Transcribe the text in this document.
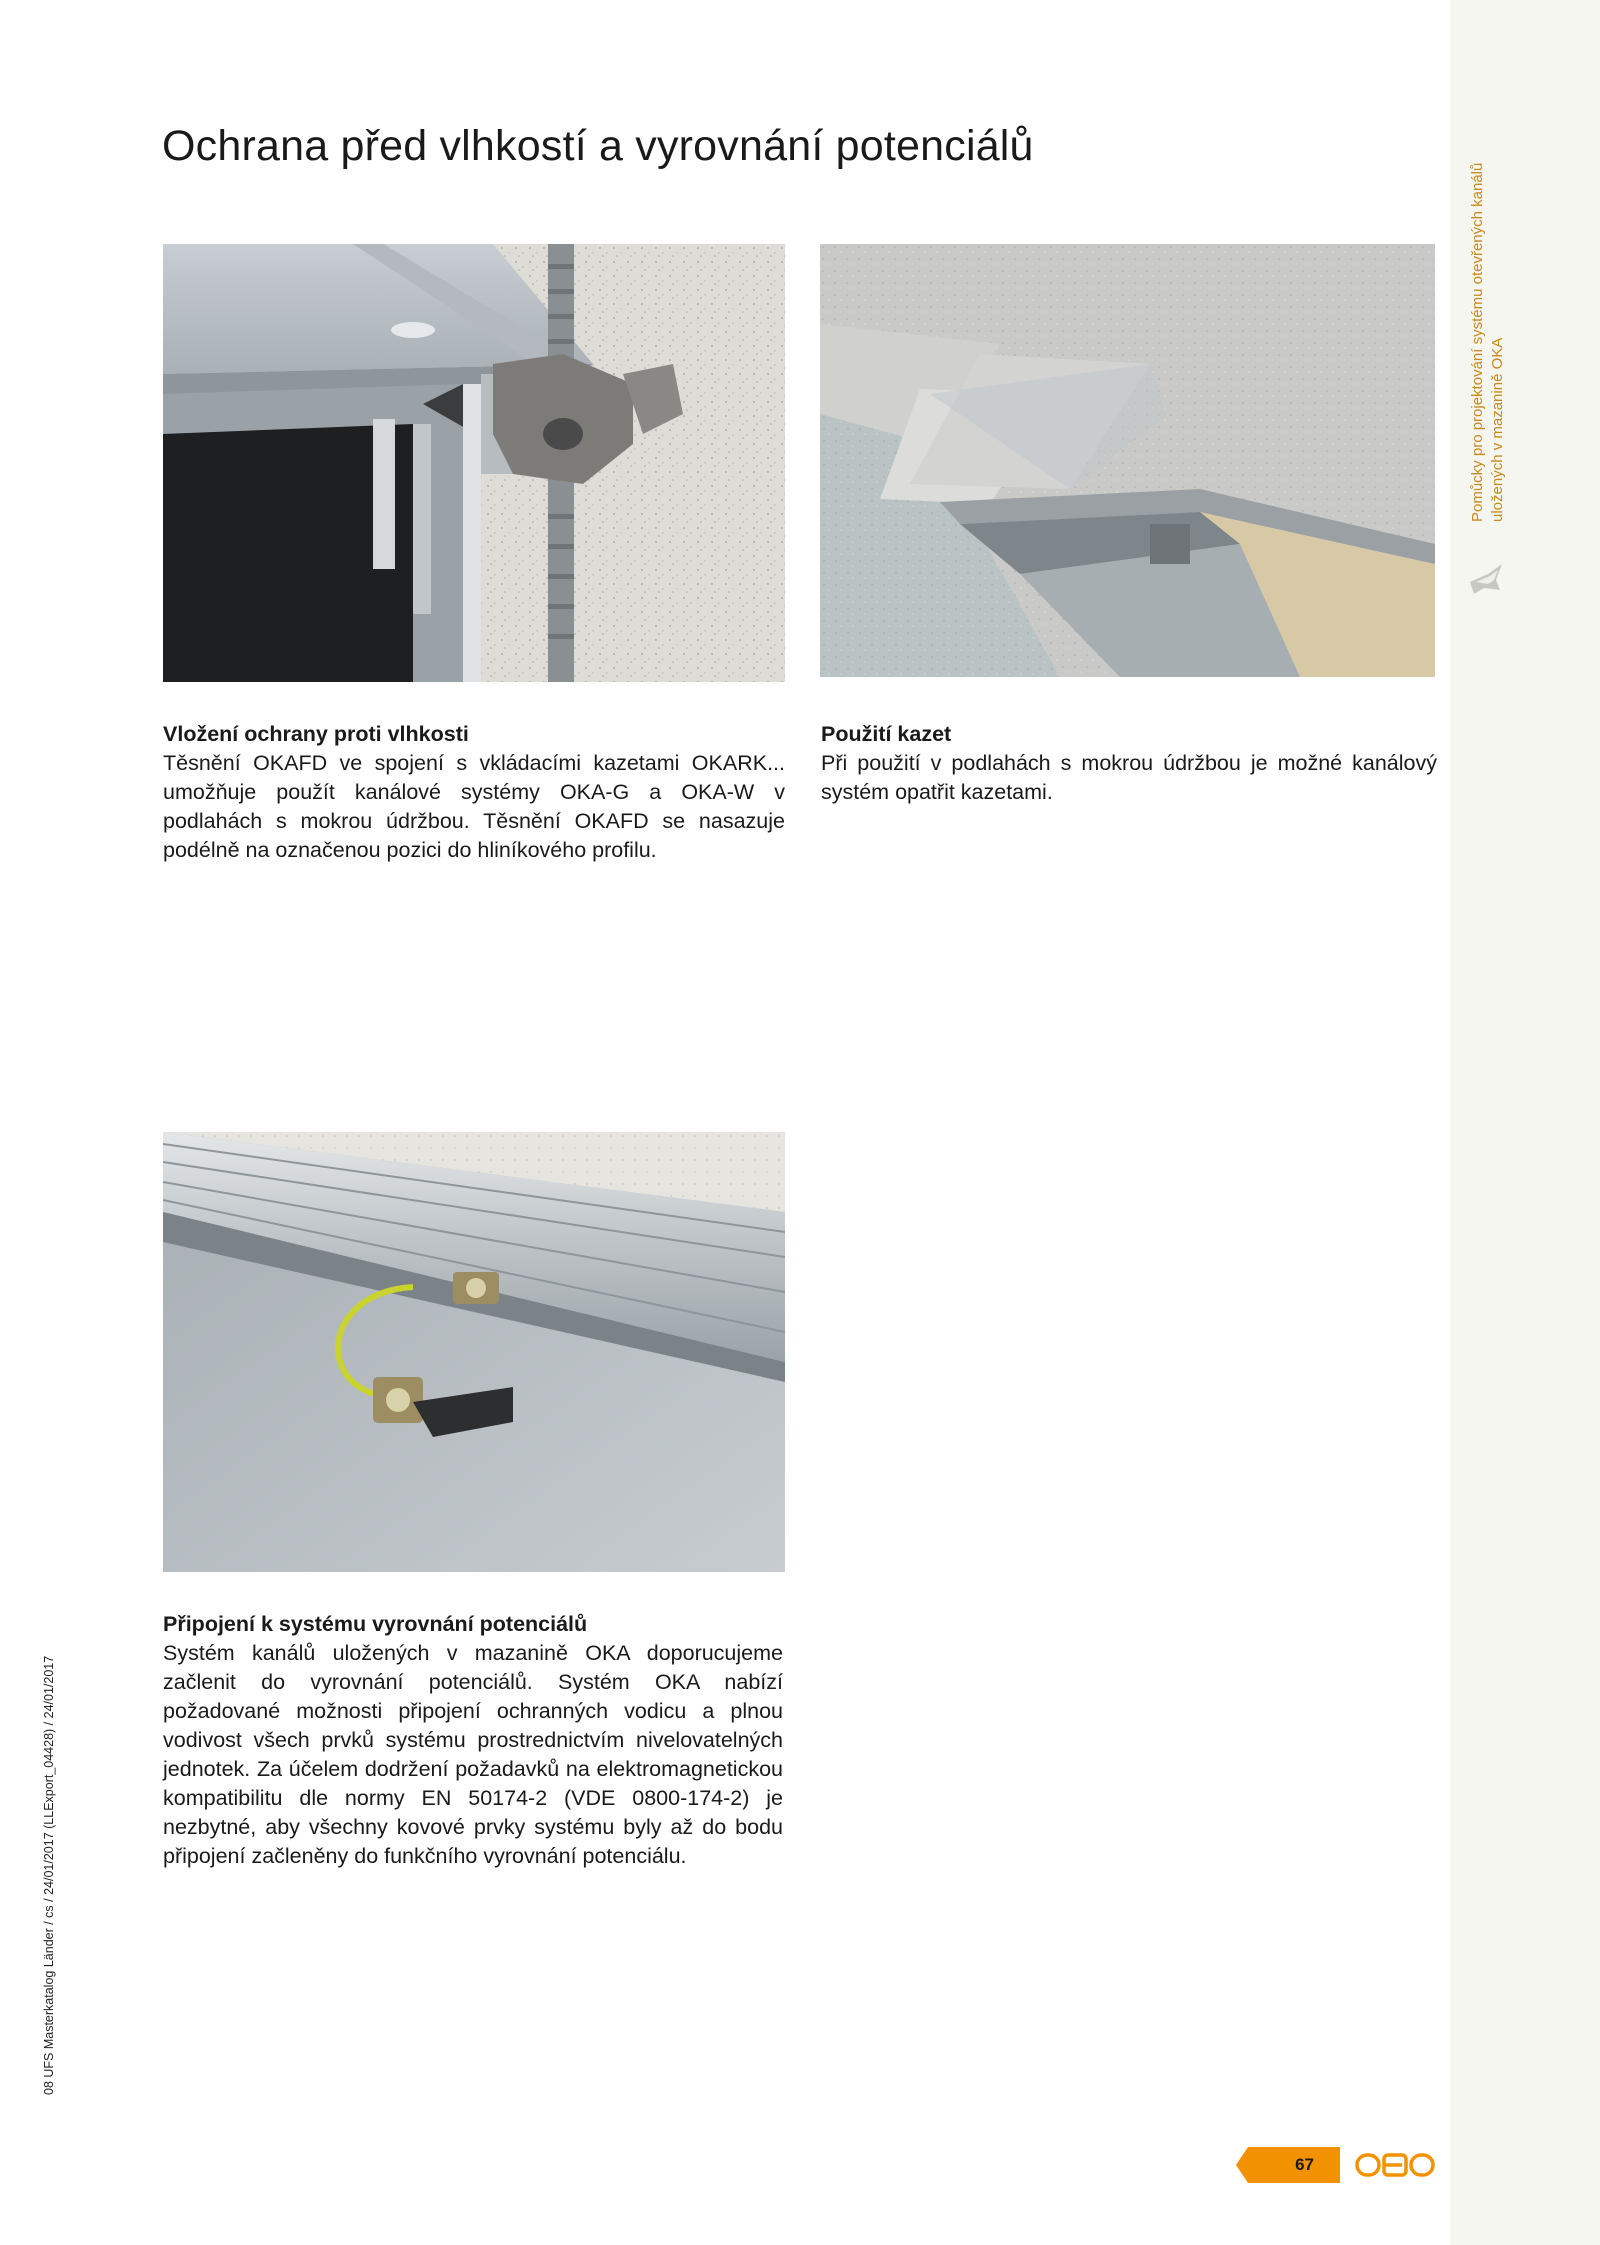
Pomůcky pro projektování systému otevřených kanálů uložených v mazanině OKA
08 UFS Masterkatalog Länder / cs / 24/01/2017 (LLExport_04428) / 24/01/2017
Ochrana před vlhkostí a vyrovnání potenciálů
Vložení ochrany proti vlhkosti

Těsnění OKAFD ve spojení s vkládacími kazetami OKARK... umožňuje použít kanálové systémy OKA-G a OKA-W v podlahách s mokrou údržbou. Těsnění OKAFD se nasazuje podélně na označenou pozici do hliníkového profilu.

Použití kazet

Při použití v podlahách s mokrou údržbou je možné kanálový systém opatřit kazetami.

Připojení k systému vyrovnání potenciálů

Systém kanálů uložených v mazanině OKA doporucujeme začlenit do vyrovnání potenciálů. Systém OKA nabízí požadované možnosti připojení ochranných vodicu a plnou vodivost všech prvků systému prostrednictvím nivelovatelných jednotek. Za účelem dodržení požadavků na elektromagnetickou kompatibilitu dle normy EN 50174-2 (VDE 0800-174-2) je nezbytné, aby všechny kovové prvky systému byly až do bodu připojení začleněny do funkčního vyrovnání potenciálu.

67
